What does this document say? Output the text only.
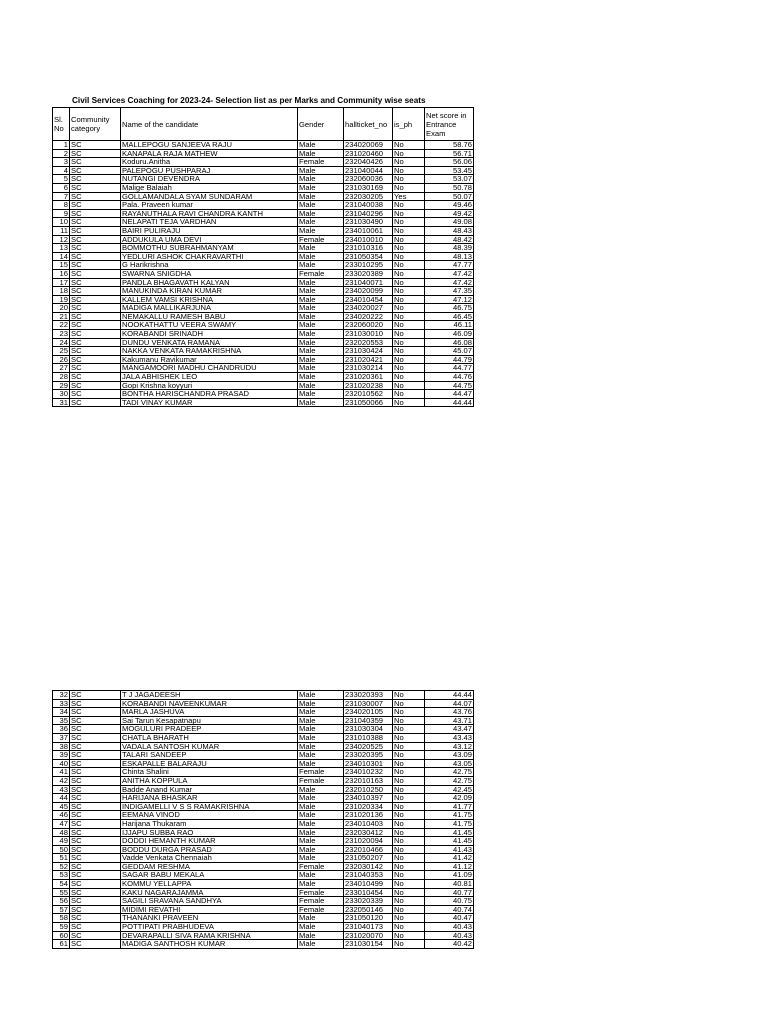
Civil Services Coaching for 2023-24- Selection list as per Marks and Community wise seats
Sl. No	Community category	Name of the candidate	Gender	hallticket_no	is_ph	Net score in Entrance Exam
1	SC	MALLEPOGU SANJEEVA RAJU	Male	234020069	No	58.76
2	SC	KANAPALA RAJA MATHEW	Male	231020460	No	56.71
3	SC	Koduru.Anitha	Female	232040426	No	56.06
4	SC	PALEPOGU PUSHPARAJ	Male	231040044	No	53.45
5	SC	NUTANGI DEVENDRA	Male	232060036	No	53.07
6	SC	Malige Balaiah	Male	231030169	No	50.78
7	SC	GOLLAMANDALA SYAM SUNDARAM	Male	232030205	Yes	50.07
8	SC	Pala. Praveen kumar	Male	231040038	No	49.46
9	SC	RAYANUTHALA RAVI CHANDRA KANTH	Male	231040296	No	49.42
10	SC	NELAPATI TEJA VARDHAN	Male	231030490	No	49.08
11	SC	BAIRI PULIRAJU	Male	234010061	No	48.43
12	SC	ADDUKULA UMA DEVI	Female	234010010	No	48.42
13	SC	BOMMOTHU SUBRAHMANYAM	Male	231010316	No	48.39
14	SC	YEDLURI ASHOK CHAKRAVARTHI	Male	231050354	No	48.13
15	SC	G Harikrishna	Male	233010295	No	47.77
16	SC	SWARNA SNIGDHA	Female	233020389	No	47.42
17	SC	PANDLA BHAGAVATH KALYAN	Male	231040071	No	47.42
18	SC	MANUKINDA KIRAN KUMAR	Male	234020099	No	47.35
19	SC	KALLEM VAMSI KRISHNA	Male	234010454	No	47.12
20	SC	MADIGA MALLIKARJUNA	Male	234020027	No	46.75
21	SC	NEMAKALLU RAMESH BABU	Male	234020222	No	46.45
22	SC	NOOKATHATTU VEERA SWAMY	Male	232060020	No	46.11
23	SC	KORABANDI SRINADH	Male	231030010	No	46.09
24	SC	DUNDU VENKATA RAMANA	Male	232020553	No	46.08
25	SC	NAKKA VENKATA RAMAKRISHNA	Male	231030424	No	45.07
26	SC	Kakumanu Ravikumar	Male	231020421	No	44.79
27	SC	MANGAMOORI MADHU CHANDRUDU	Male	231030214	No	44.77
28	SC	JALA ABHISHEK LEO	Male	231020361	No	44.76
29	SC	Gopi Krishna koyyuri	Male	231020238	No	44.75
30	SC	BONTHA HARISCHANDRA PRASAD	Male	232010562	No	44.47
31	SC	TADI VINAY KUMAR	Male	231050066	No	44.44
32	SC	T J JAGADEESH	Male	233020393	No	44.44
33	SC	KORABANDI NAVEENKUMAR	Male	231030007	No	44.07
34	SC	MARLA JASHUVA	Male	234020105	No	43.76
35	SC	Sai Tarun Kesapatnapu	Male	231040359	No	43.71
36	SC	MOGULURI PRADEEP	Male	231030304	No	43.47
37	SC	CHATLA BHARATH	Male	231010388	No	43.43
38	SC	VADALA SANTOSH KUMAR	Male	234020525	No	43.12
39	SC	TALARI SANDEEP	Male	233020395	No	43.09
40	SC	ESKAPALLE BALARAJU	Male	234010301	No	43.05
41	SC	Chinta Shalini	Female	234010232	No	42.75
42	SC	ANITHA KOPPULA	Female	232010163	No	42.75
43	SC	Badde Anand Kumar	Male	232010250	No	42.45
44	SC	HARIJANA BHASKAR	Male	234010397	No	42.09
45	SC	INDIGAMELLI V S S RAMAKRISHNA	Male	231020334	No	41.77
46	SC	EEMANA VINOD	Male	231020136	No	41.75
47	SC	Harijana Thukaram	Male	234010403	No	41.75
48	SC	IJJAPU SUBBA RAO	Male	232030412	No	41.45
49	SC	DODDI HEMANTH KUMAR	Male	231020094	No	41.45
50	SC	BODDU DURGA PRASAD	Male	232010466	No	41.43
51	SC	Vadde Venkata Chennaiah	Male	231050207	No	41.42
52	SC	GEDDAM RESHMA	Female	232030142	No	41.12
53	SC	SAGAR BABU MEKALA	Male	231040353	No	41.09
54	SC	KOMMU YELLAPPA	Male	234010499	No	40.81
55	SC	KAKU NAGARAJAMMA	Female	233010454	No	40.77
56	SC	SAGILI SRAVANA SANDHYA	Female	233020339	No	40.75
57	SC	MIDIMI REVATHI	Female	232050146	No	40.74
58	SC	THANANKI PRAVEEN	Male	231050120	No	40.47
59	SC	POTTIPATI PRABHUDEVA	Male	231040173	No	40.43
60	SC	DEVARAPALLI SIVA RAMA KRISHNA	Male	231020070	No	40.43
61	SC	MADIGA SANTHOSH KUMAR	Male	231030154	No	40.42
